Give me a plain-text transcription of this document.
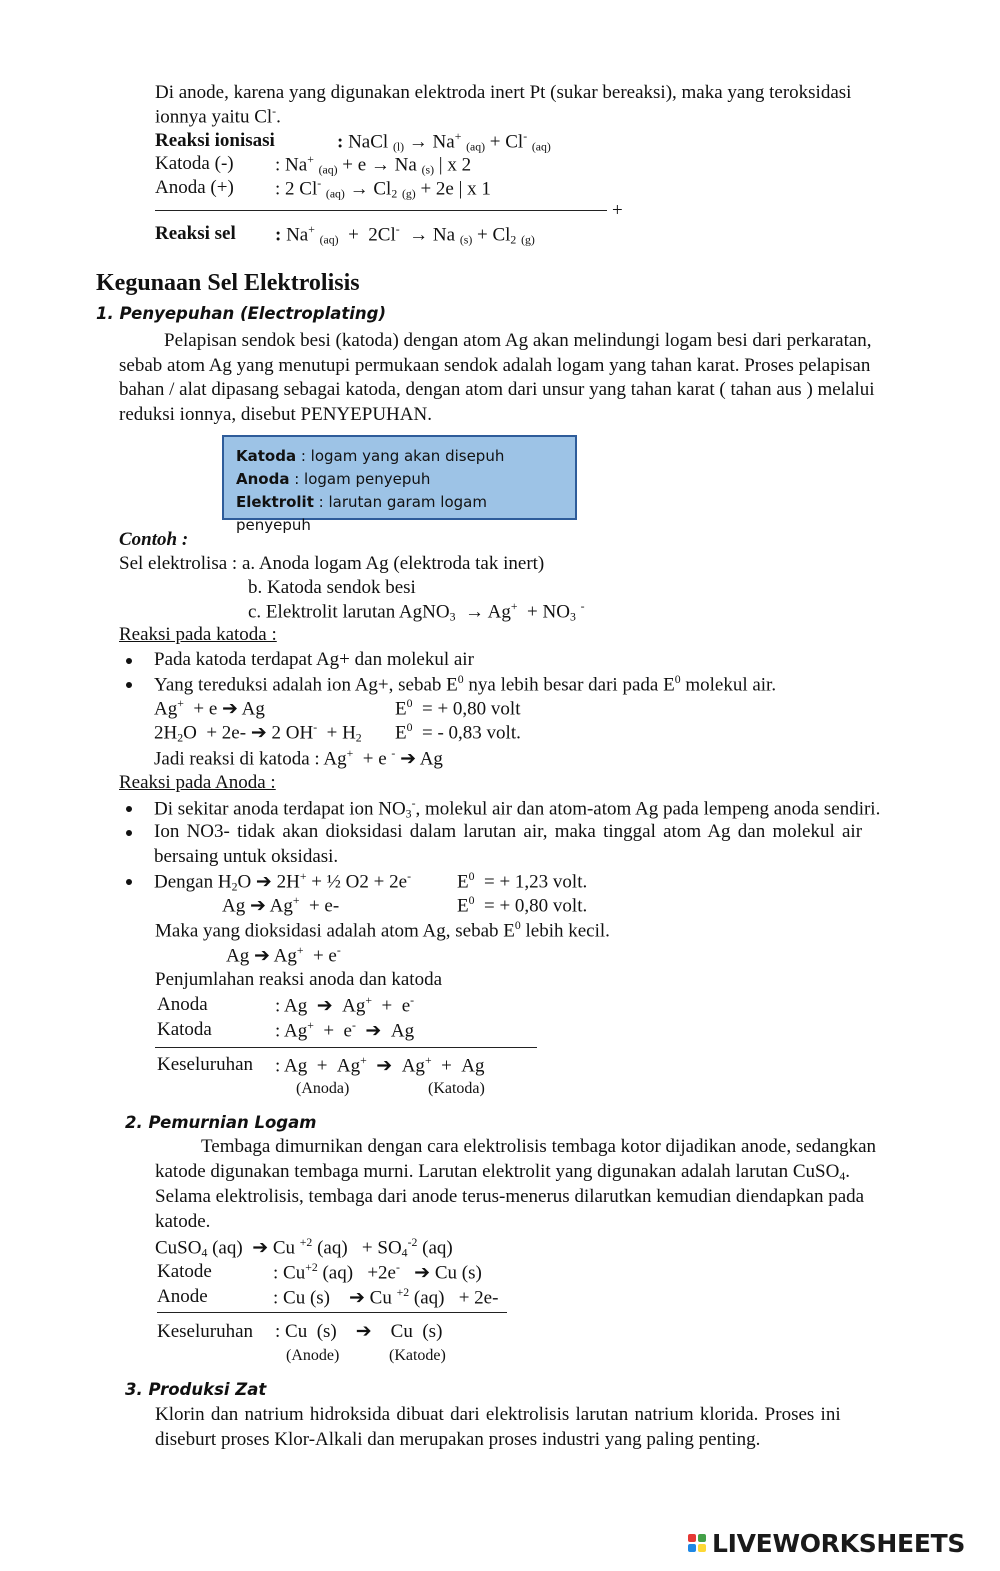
Di anode, karena yang digunakan elektroda inert Pt (sukar bereaksi), maka yang teroksidasi
ionnya yaitu Cl-.
Reaksi ionisasi	: NaCl $_{(l)}$ → Na+ $_{(aq)}$ + Cl- $_{(aq)}$
Katoda (-) : Na+ $_{(aq)}$ + e → Na $_{(s)}$ | x 2
Anoda (+) : 2 Cl- $_{(aq)} \to Cl_2$ $_{(g)}$ + 2e | x 1
+
Reaksi sel : Na+ $_{(aq)}$  +  2Cl-  → Na $_{(s)} + Cl_2$ $_{(g)}$
Kegunaan Sel Elektrolisis
1. Penyepuhan (Electroplating)
Pelapisan sendok besi (katoda) dengan atom Ag akan melindungi logam besi dari perkaratan,
sebab atom Ag yang menutupi permukaan sendok adalah logam yang tahan karat. Proses pelapisan
bahan / alat dipasang sebagai katoda, dengan atom dari unsur yang tahan karat ( tahan aus ) melalui
reduksi ionnya, disebut PENYEPUHAN.
Katoda : logam yang akan disepuh
Anoda : logam penyepuh
Elektrolit : larutan garam logam penyepuh
Contoh :
Sel elektrolisa : a. Anoda logam Ag (elektroda tak inert)
b. Katoda sendok besi
c. Elektrolit larutan AgNO$_3$  → $Ag^+ + NO_3$ -
Reaksi pada katoda :
Pada katoda terdapat Ag+ dan molekul air
Yang tereduksi adalah ion Ag+, sebab $E^0$ nya lebih besar dari pada $E^0$ molekul air.
Ag+  + e ➔ Ag	$E^0$  = + 0,80 volt
$2H_2O + 2e-$ ➔ 2 $OH^- + H_2$ $E^0$  = - 0,83 volt.
Jadi reaksi di katoda : Ag+  + e - ➔ Ag
Reaksi pada Anoda :
Di sekitar anoda terdapat ion $NO_3^-$, molekul air dan atom-atom Ag pada lempeng anoda sendiri.
Ion NO3- tidak akan dioksidasi dalam larutan air, maka tinggal atom Ag dan molekul air
bersaing untuk oksidasi.
Dengan $H_2O$ ➔ 2H+ + ½ O2 + 2e- $E^0$  = + 1,23 volt.
Ag ➔ Ag+  + e-	$E^0$  = + 0,80 volt.
Maka yang dioksidasi adalah atom Ag, sebab $E^0$ lebih kecil.
Ag ➔ Ag+  + e-
Penjumlahan reaksi anoda dan katoda
Anoda	: Ag  ➔  Ag+  +  e-
Katoda	: Ag+  +  e-  ➔  Ag
Keseluruhan : Ag  +  Ag+  ➔  Ag+  +  Ag
(Anoda)	(Katoda)
2. Pemurnian Logam
Tembaga dimurnikan dengan cara elektrolisis tembaga kotor dijadikan anode, sedangkan
katode digunakan tembaga murni. Larutan elektrolit yang digunakan adalah larutan CuSO$_4$.
Selama elektrolisis, tembaga dari anode terus-menerus dilarutkan kemudian diendapkan pada
katode.
CuSO$_4$ (aq)  ➔ Cu $^{+2}$ $(aq) + SO_4^{-2}$ (aq)
Katode	: $Cu^{+2}$ (aq)   +2e-   ➔ Cu (s)
Anode	: Cu (s)    ➔ Cu $^{+2}$ (aq)   + 2e-
Keseluruhan : Cu  (s)    ➔    Cu  (s)
(Anode)	(Katode)
3. Produksi Zat
Klorin dan natrium hidroksida dibuat dari elektrolisis larutan natrium klorida. Proses ini
diseburt proses Klor-Alkali dan merupakan proses industri yang paling penting.
LIVEWORKSHEETS
